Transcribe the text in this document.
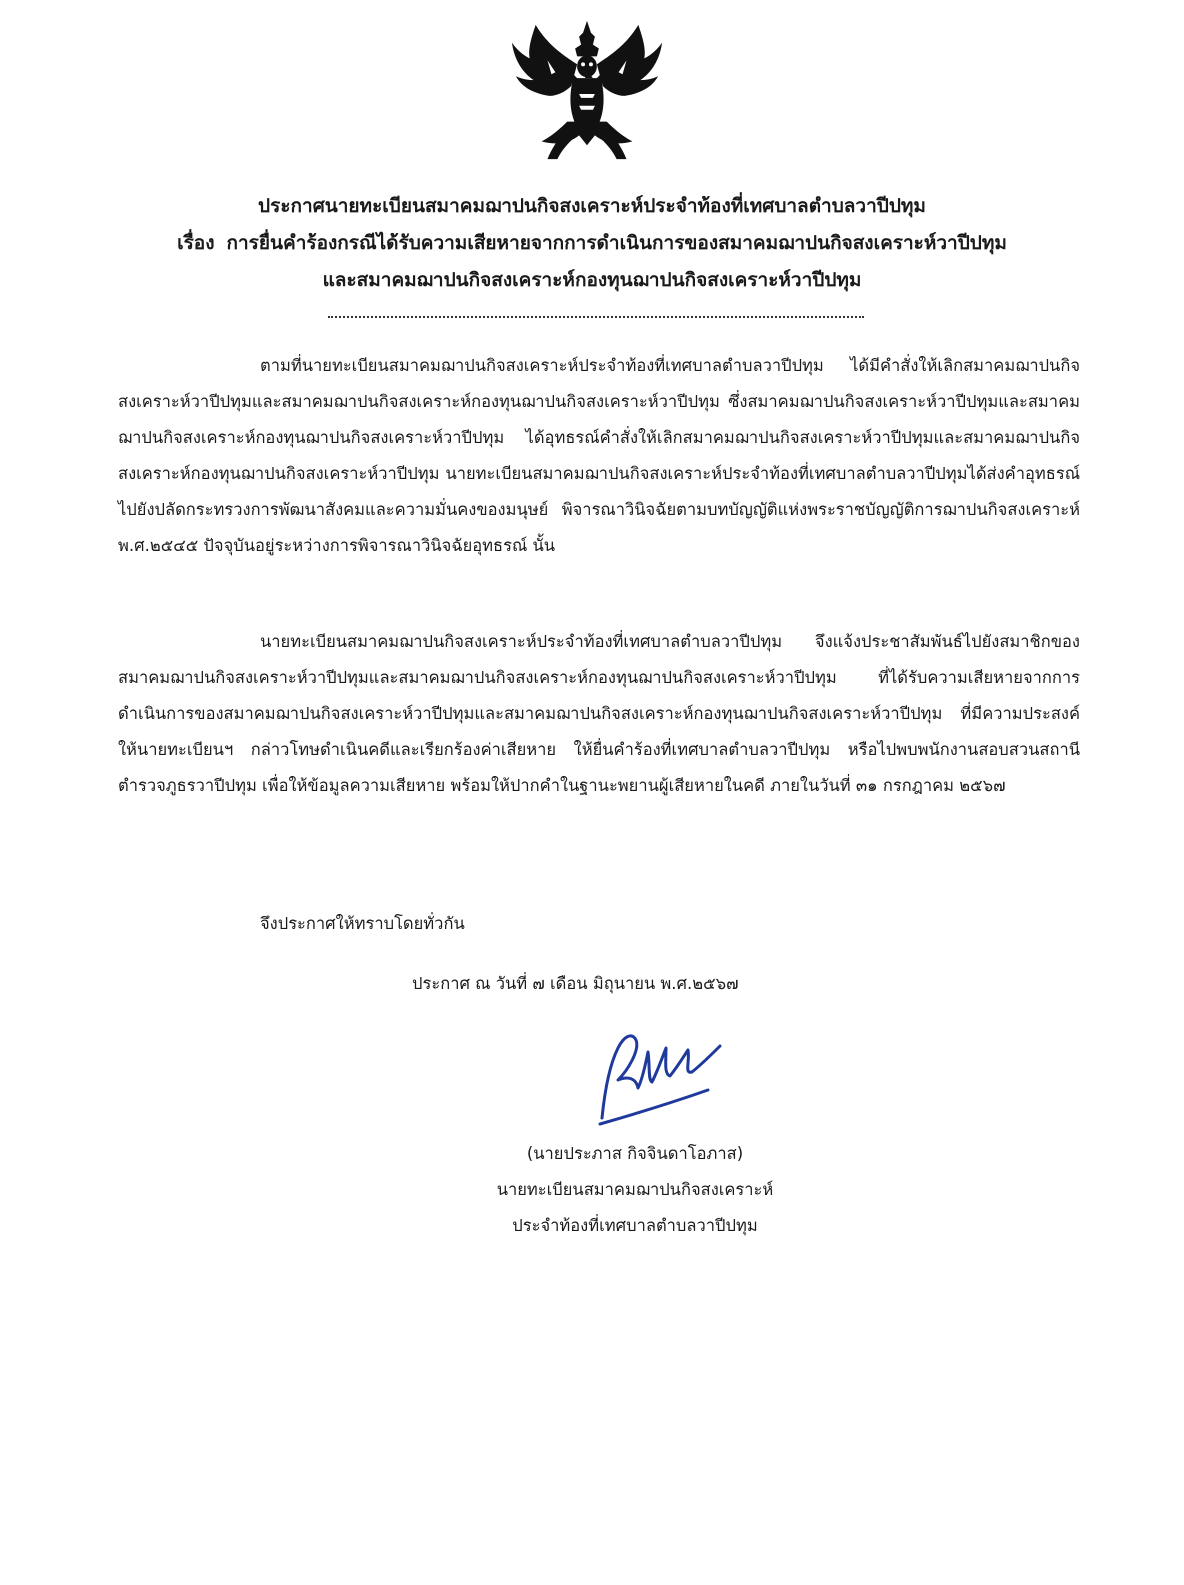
ประกาศนายทะเบียนสมาคมฌาปนกิจสงเคราะห์ประจำท้องที่เทศบาลตำบลวาปีปทุม
เรื่อง การยื่นคำร้องกรณีได้รับความเสียหายจากการดำเนินการของสมาคมฌาปนกิจสงเคราะห์วาปีปทุม
และสมาคมฌาปนกิจสงเคราะห์กองทุนฌาปนกิจสงเคราะห์วาปีปทุม

ตามที่นายทะเบียนสมาคมฌาปนกิจสงเคราะห์ประจำท้องที่เทศบาลตำบลวาปีปทุม ได้มีคำสั่งให้เลิกสมาคมฌาปนกิจสงเคราะห์วาปีปทุมและสมาคมฌาปนกิจสงเคราะห์กองทุนฌาปนกิจสงเคราะห์วาปีปทุม ซึ่งสมาคมฌาปนกิจสงเคราะห์วาปีปทุมและสมาคมฌาปนกิจสงเคราะห์กองทุนฌาปนกิจสงเคราะห์วาปีปทุม ได้อุทธรณ์คำสั่งให้เลิกสมาคมฌาปนกิจสงเคราะห์วาปีปทุมและสมาคมฌาปนกิจสงเคราะห์กองทุนฌาปนกิจสงเคราะห์วาปีปทุม นายทะเบียนสมาคมฌาปนกิจสงเคราะห์ประจำท้องที่เทศบาลตำบลวาปีปทุมได้ส่งคำอุทธรณ์ไปยังปลัดกระทรวงการพัฒนาสังคมและความมั่นคงของมนุษย์ พิจารณาวินิจฉัยตามบทบัญญัติแห่งพระราชบัญญัติการฌาปนกิจสงเคราะห์ พ.ศ.๒๕๔๕ ปัจจุบันอยู่ระหว่างการพิจารณาวินิจฉัยอุทธรณ์ นั้น

นายทะเบียนสมาคมฌาปนกิจสงเคราะห์ประจำท้องที่เทศบาลตำบลวาปีปทุม จึงแจ้งประชาสัมพันธ์ไปยังสมาชิกของสมาคมฌาปนกิจสงเคราะห์วาปีปทุมและสมาคมฌาปนกิจสงเคราะห์กองทุนฌาปนกิจสงเคราะห์วาปีปทุม ที่ได้รับความเสียหายจากการดำเนินการของสมาคมฌาปนกิจสงเคราะห์วาปีปทุมและสมาคมฌาปนกิจสงเคราะห์กองทุนฌาปนกิจสงเคราะห์วาปีปทุม ที่มีความประสงค์ให้นายทะเบียนฯ กล่าวโทษดำเนินคดีและเรียกร้องค่าเสียหาย ให้ยื่นคำร้องที่เทศบาลตำบลวาปีปทุม หรือไปพบพนักงานสอบสวนสถานีตำรวจภูธรวาปีปทุม เพื่อให้ข้อมูลความเสียหาย พร้อมให้ปากคำในฐานะพยานผู้เสียหายในคดี ภายในวันที่ ๓๑ กรกฎาคม ๒๕๖๗

จึงประกาศให้ทราบโดยทั่วกัน
ประกาศ ณ วันที่ ๗ เดือน มิถุนายน พ.ศ.๒๕๖๗
(นายประภาส กิจจินดาโอภาส)
นายทะเบียนสมาคมฌาปนกิจสงเคราะห์
ประจำท้องที่เทศบาลตำบลวาปีปทุม
